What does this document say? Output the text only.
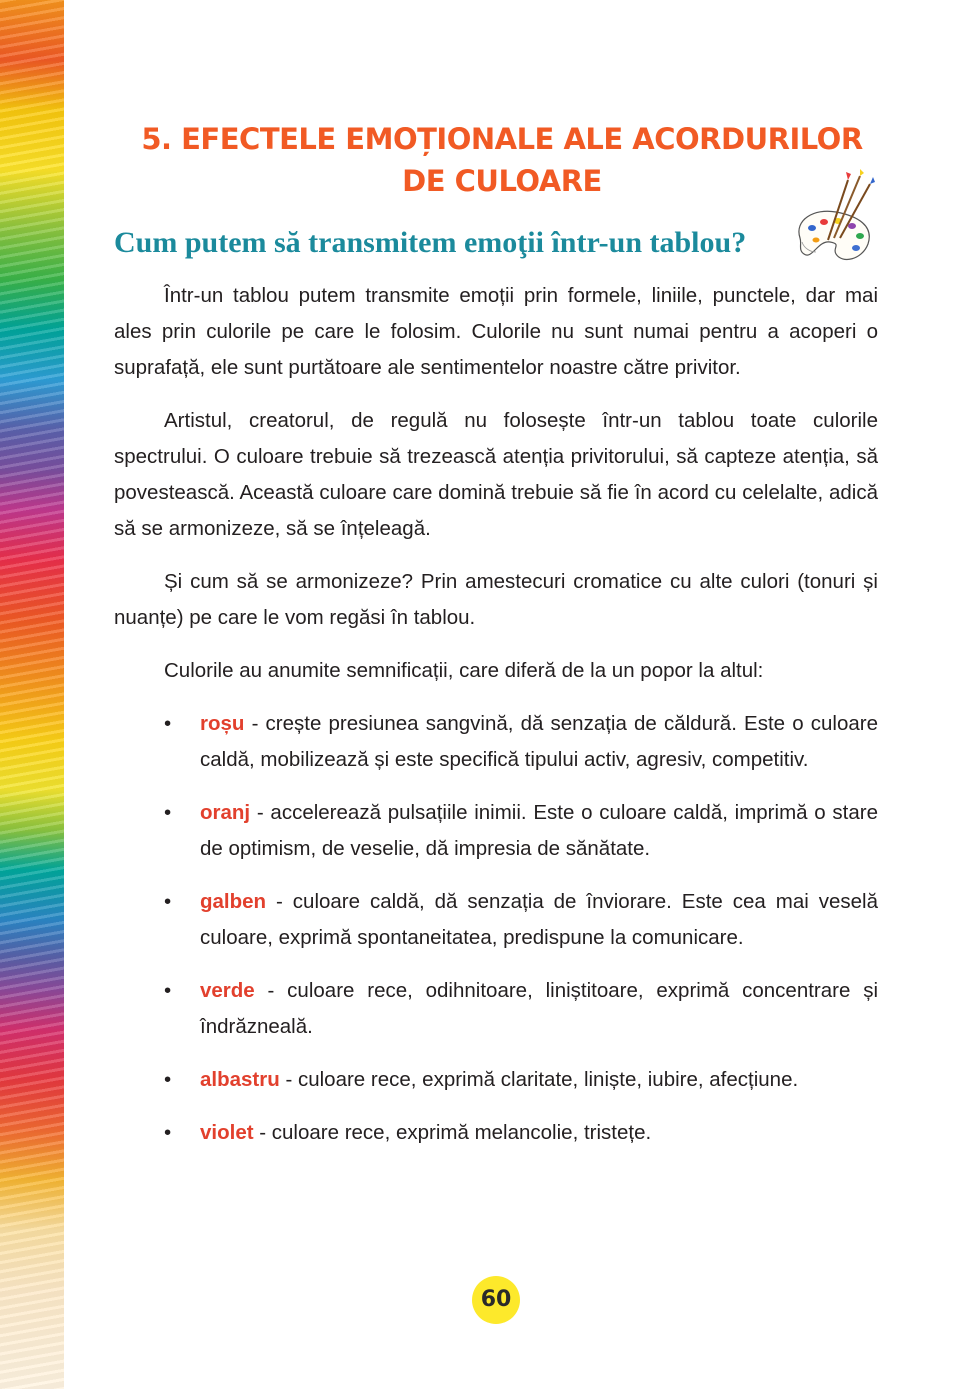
5. EFECTELE EMOȚIONALE ALE ACORDURILOR
DE CULOARE
Cum putem să transmitem emoţii într-un tablou?

Într-un tablou putem transmite emoții prin formele, liniile, punctele, dar mai ales prin culorile pe care le folosim. Culorile nu sunt numai pentru a acoperi o suprafață, ele sunt purtătoare ale sentimentelor noastre către privitor.

Artistul, creatorul, de regulă nu folosește într-un tablou toate culorile spectrului. O culoare trebuie să trezească atenția privitorului, să capteze atenția, să povestească. Această culoare care domină trebuie să fie în acord cu celelalte, adică să se armonizeze, să se înțeleagă.

Și cum să se armonizeze? Prin amestecuri cromatice cu alte culori (tonuri și nuanțe) pe care le vom regăsi în tablou.

Culorile au anumite semnificații, care diferă de la un popor la altul:

• roșu - crește presiunea sangvină, dă senzația de căldură. Este o culoare caldă, mobilizează și este specifică tipului activ, agresiv, competitiv.
• oranj - accelerează pulsațiile inimii. Este o culoare caldă, imprimă o stare de optimism, de veselie, dă impresia de sănătate.
• galben - culoare caldă, dă senzația de înviorare. Este cea mai veselă culoare, exprimă spontaneitatea, predispune la comunicare.
• verde - culoare rece, odihnitoare, liniștitoare, exprimă concentrare și îndrăzneală.
• albastru - culoare rece, exprimă claritate, liniște, iubire, afecțiune.
• violet - culoare rece, exprimă melancolie, tristețe.
60
